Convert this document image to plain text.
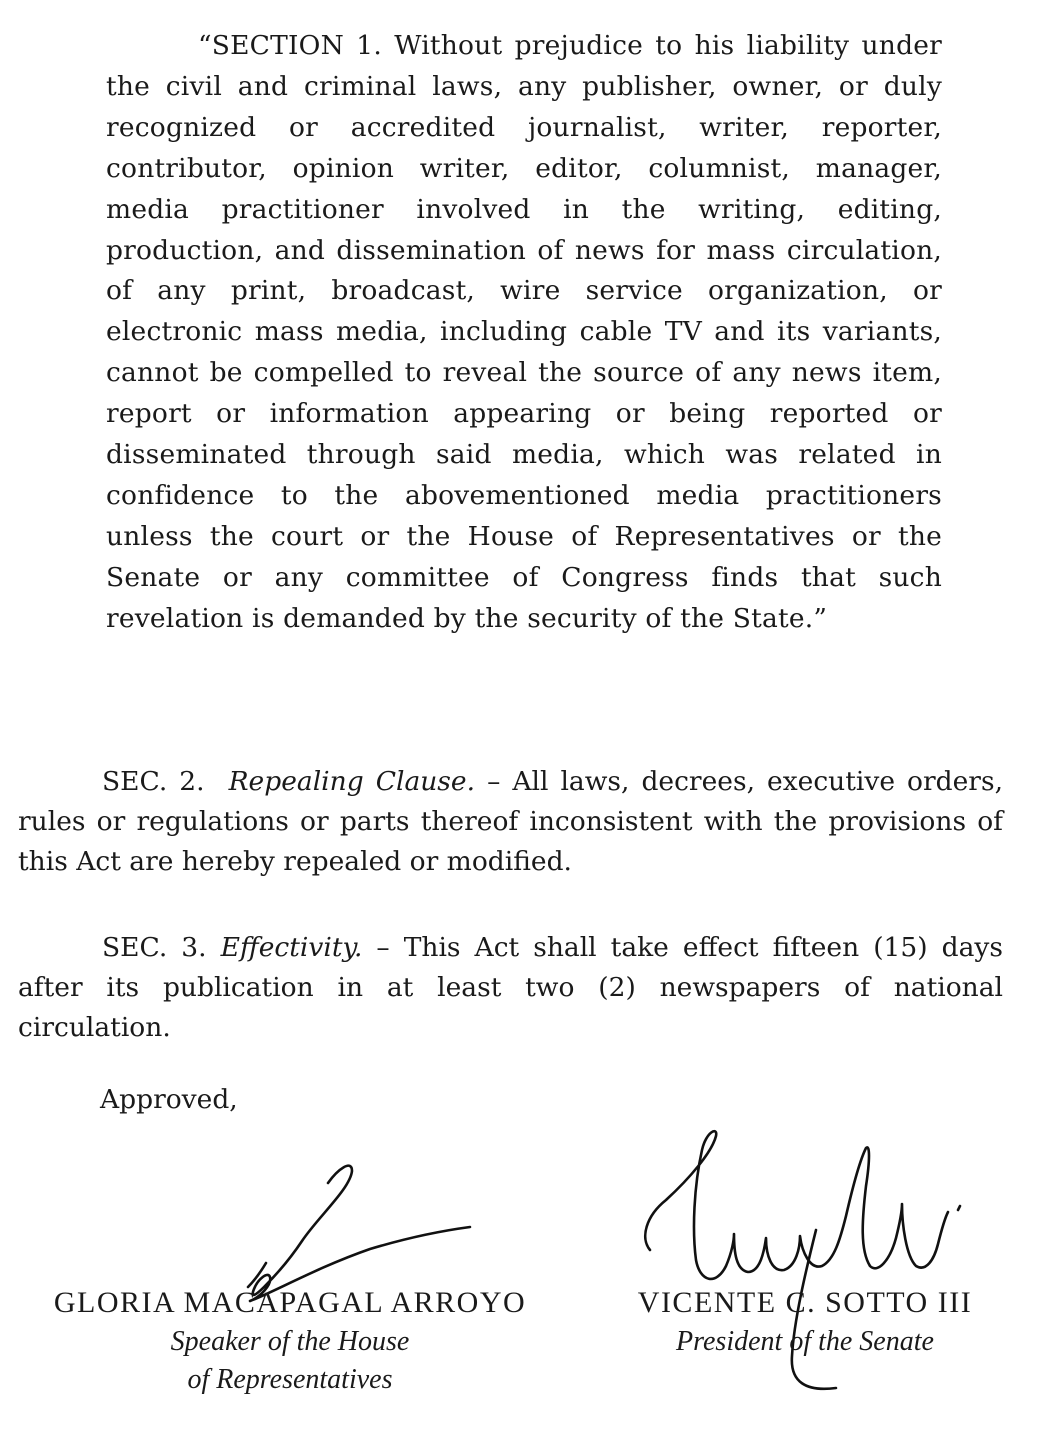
“SECTION 1. Without prejudice to his liability under the civil and criminal laws, any publisher, owner, or duly recognized or accredited journalist, writer, reporter, contributor, opinion writer, editor, columnist, manager, media practitioner involved in the writing, editing, production, and dissemination of news for mass circulation, of any print, broadcast, wire service organization, or electronic mass media, including cable TV and its variants, cannot be compelled to reveal the source of any news item, report or information appearing or being reported or disseminated through said media, which was related in confidence to the abovementioned media practitioners unless the court or the House of Representatives or the Senate or any committee of Congress finds that such revelation is demanded by the security of the State.”

SEC. 2. Repealing Clause. – All laws, decrees, executive orders, rules or regulations or parts thereof inconsistent with the provisions of this Act are hereby repealed or modified.

SEC. 3. Effectivity. – This Act shall take effect fifteen (15) days after its publication in at least two (2) newspapers of national circulation.

Approved,

GLORIA MACAPAGAL ARROYO
Speaker of the House
of Representatives
VICENTE C. SOTTO III
President of the Senate
